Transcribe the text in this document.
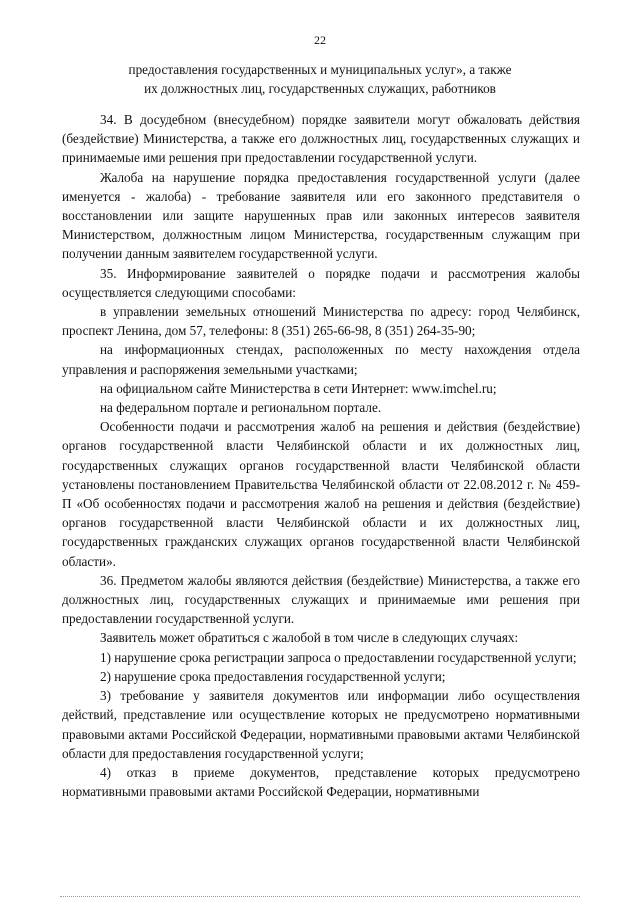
22
предоставления государственных и муниципальных услуг», а также
их должностных лиц, государственных служащих, работников

34. В досудебном (внесудебном) порядке заявители могут обжаловать действия (бездействие) Министерства, а также его должностных лиц, государственных служащих и принимаемые ими решения при предоставлении государственной услуги.

Жалоба на нарушение порядка предоставления государственной услуги (далее именуется - жалоба) - требование заявителя или его законного представителя о восстановлении или защите нарушенных прав или законных интересов заявителя Министерством, должностным лицом Министерства, государственным служащим при получении данным заявителем государственной услуги.

35. Информирование заявителей о порядке подачи и рассмотрения жалобы осуществляется следующими способами:

в управлении земельных отношений Министерства по адресу: город Челябинск, проспект Ленина, дом 57, телефоны: 8 (351) 265-66-98, 8 (351) 264-35-90;

на информационных стендах, расположенных по месту нахождения отдела управления и распоряжения земельными участками;

на официальном сайте Министерства в сети Интернет: www.imchel.ru;

на федеральном портале и региональном портале.

Особенности подачи и рассмотрения жалоб на решения и действия (бездействие) органов государственной власти Челябинской области и их должностных лиц, государственных служащих органов государственной власти Челябинской области установлены постановлением Правительства Челябинской области от 22.08.2012 г. № 459-П «Об особенностях подачи и рассмотрения жалоб на решения и действия (бездействие) органов государственной власти Челябинской области и их должностных лиц, государственных гражданских служащих органов государственной власти Челябинской области».

36. Предметом жалобы являются действия (бездействие) Министерства, а также его должностных лиц, государственных служащих и принимаемые ими решения при предоставлении государственной услуги.

Заявитель может обратиться с жалобой в том числе в следующих случаях:

1) нарушение срока регистрации запроса о предоставлении государственной услуги;

2) нарушение срока предоставления государственной услуги;

3) требование у заявителя документов или информации либо осуществления действий, представление или осуществление которых не предусмотрено нормативными правовыми актами Российской Федерации, нормативными правовыми актами Челябинской области для предоставления государственной услуги;

4) отказ в приеме документов, представление которых предусмотрено нормативными правовыми актами Российской Федерации, нормативными
